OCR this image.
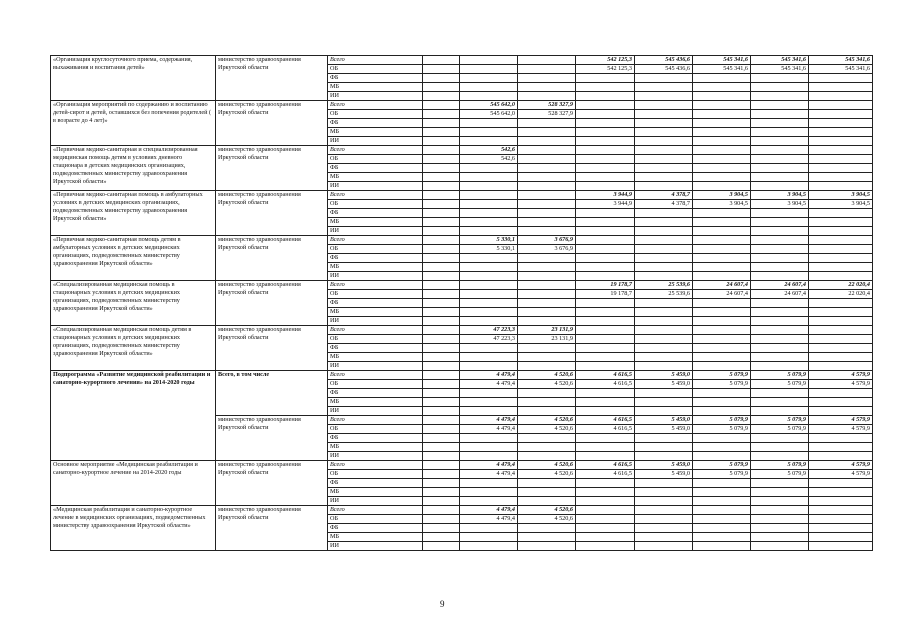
«Организация круглосуточного приема, содержания, выхаживания и воспитания детей»	министерство здравоохранения Иркутской области	Всего				542 125,3	545 436,6	545 341,6	545 341,6	545 341,6
		ОБ				542 125,3	545 436,6	545 341,6	545 341,6	545 341,6
		ФБ								
		МБ								
		ИИ								
«Организация мероприятий по содержанию и воспитанию детей-сирот и детей, оставшихся без попечения родителей ( в возрасте до 4 лет)»	министерство здравоохранения Иркутской области	Всего		545 642,0	528 327,9					
		ОБ		545 642,0	528 327,9					
		ФБ								
		МБ								
		ИИ								
«Первичная медико-санитарная и специализированная медицинская помощь детям в условиях дневного стационара в детских медицинских организациях, подведомственных министерству здравоохранения Иркутской области»	министерство здравоохранения Иркутской области	Всего		542,6						
		ОБ		542,6						
		ФБ								
		МБ								
		ИИ								
«Первичная медико-санитарная помощь в амбулаторных условиях в детских медицинских организациях, подведомственных министерству здравоохранения Иркутской области»	министерство здравоохранения Иркутской области	Всего				3 944,9	4 378,7	3 904,5	3 904,5	3 904,5
		ОБ				3 944,9	4 378,7	3 904,5	3 904,5	3 904,5
		ФБ								
		МБ								
		ИИ								
«Первичная медико-санитарная помощь детям в амбулаторных условиях в детских медицинских организациях, подведомственных министерству здравоохранения Иркутской области»	министерство здравоохранения Иркутской области	Всего		5 330,1	3 676,9					
		ОБ		5 330,1	3 676,9					
		ФБ								
		МБ								
		ИИ								
«Специализированная медицинская помощь в стационарных условиях в детских медицинских организациях, подведомственных министерству здравоохранения Иркутской области»	министерство здравоохранения Иркутской области	Всего				19 178,7	25 539,6	24 607,4	24 607,4	22 020,4
		ОБ				19 178,7	25 539,6	24 607,4	24 607,4	22 020,4
		ФБ								
		МБ								
		ИИ								
«Специализированная медицинская помощь детям в стационарных условиях в детских медицинских организациях, подведомственных министерству здравоохранения Иркутской области»	министерство здравоохранения Иркутской области	Всего		47 223,3	23 131,9					
		ОБ		47 223,3	23 131,9					
		ФБ								
		МБ								
		ИИ								
Подпрограмма «Развитие медицинской реабилитации и санаторно-курортного лечения» на 2014-2020 годы	Всего, в том числе	Всего		4 479,4	4 520,6	4 616,5	5 459,0	5 079,9	5 079,9	4 579,9
		ОБ		4 479,4	4 520,6	4 616,5	5 459,0	5 079,9	5 079,9	4 579,9
		ФБ								
		МБ								
		ИИ								
	министерство здравоохранения Иркутской области	Всего		4 479,4	4 520,6	4 616,5	5 459,0	5 079,9	5 079,9	4 579,9
		ОБ		4 479,4	4 520,6	4 616,5	5 459,0	5 079,9	5 079,9	4 579,9
		ФБ								
		МБ								
		ИИ								
Основное мероприятие «Медицинская реабилитация и санаторно-курортное лечение на 2014-2020 годы	министерство здравоохранения Иркутской области	Всего		4 479,4	4 520,6	4 616,5	5 459,0	5 079,9	5 079,9	4 579,9
		ОБ		4 479,4	4 520,6	4 616,5	5 459,0	5 079,9	5 079,9	4 579,9
		ФБ								
		МБ								
		ИИ								
«Медицинская реабилитация и санаторно-курортное лечение в медицинских организациях, подведомственных министерству здравоохранения Иркутской области»	министерство здравоохранения Иркутской области	Всего		4 479,4	4 520,6					
		ОБ		4 479,4	4 520,6					
		ФБ								
		МБ								
		ИИ								
9
